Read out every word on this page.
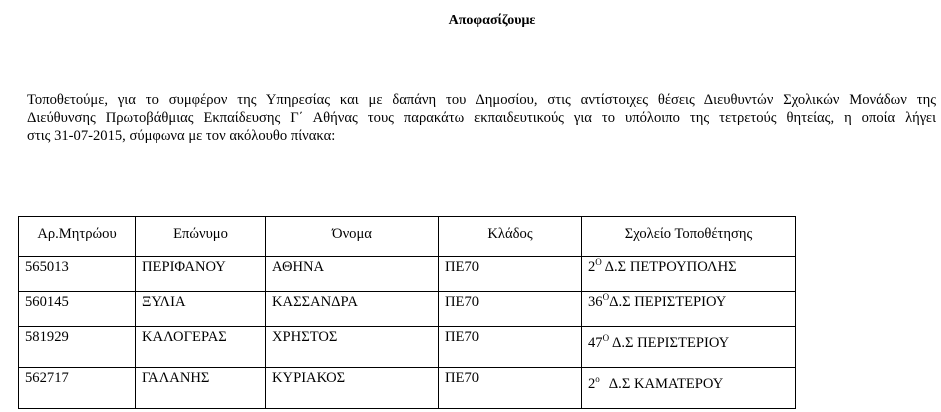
Αποφασίζουμε
Τοποθετούμε, για το συμφέρον της Υπηρεσίας και με δαπάνη του Δημοσίου, στις αντίστοιχες θέσεις Διευθυντών Σχολικών Μονάδων της
Διεύθυνσης Πρωτοβάθμιας Εκπαίδευσης Γ΄ Αθήνας τους παρακάτω εκπαιδευτικούς για το υπόλοιπο της τετρετούς θητείας, η οποία λήγει
στις 31-07-2015, σύμφωνα με τον ακόλουθο πίνακα:
Αρ.Μητρώου	Επώνυμο	Όνομα	Κλάδος	Σχολείο Τοποθέτησης
565013	ΠΕΡΙΦΑΝΟΥ	ΑΘΗΝΑ	ΠΕ70	$2^O$ Δ.Σ ΠΕΤΡΟΥΠΟΛΗΣ
560145	ΞΥΛΙΑ	ΚΑΣΣΑΝΔΡΑ	ΠΕ70	$36^O\Delta.\Sigma$ ΠΕΡΙΣΤΕΡΙΟΥ
581929	ΚΑΛΟΓΕΡΑΣ	ΧΡΗΣΤΟΣ	ΠΕ70	$47^O$ Δ.Σ ΠΕΡΙΣΤΕΡΙΟΥ
562717	ΓΑΛΑΝΗΣ	ΚΥΡΙΑΚΟΣ	ΠΕ70	$2^o$ Δ.Σ ΚΑΜΑΤΕΡΟΥ
